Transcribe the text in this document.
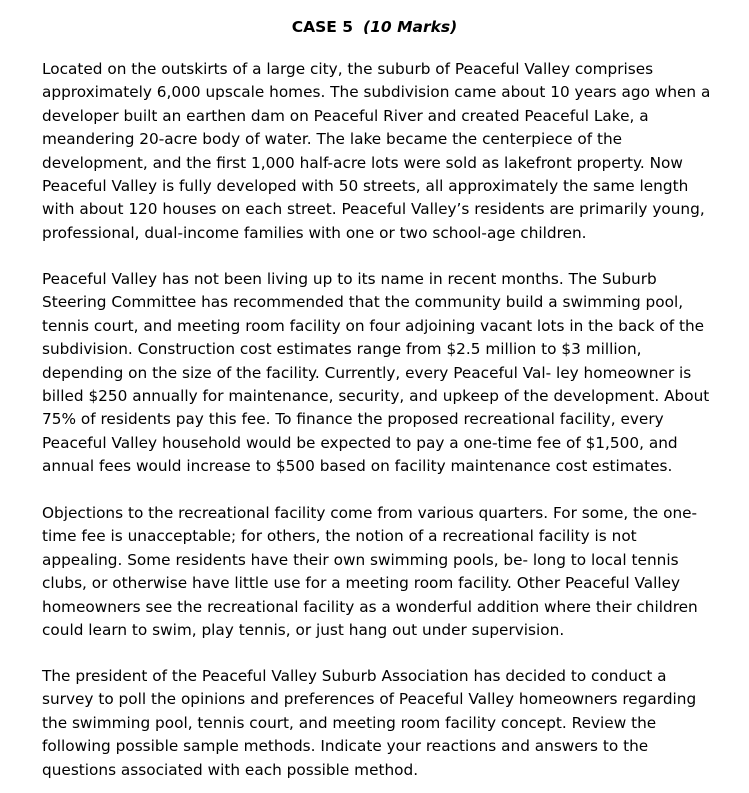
CASE 5 (10 Marks)

Located on the outskirts of a large city, the suburb of Peaceful Valley comprises
approximately 6,000 upscale homes. The subdivision came about 10 years ago when a
developer built an earthen dam on Peaceful River and created Peaceful Lake, a
meandering 20-acre body of water. The lake became the centerpiece of the
development, and the first 1,000 half-acre lots were sold as lakefront property. Now
Peaceful Valley is fully developed with 50 streets, all approximately the same length
with about 120 houses on each street. Peaceful Valley’s residents are primarily young,
professional, dual-income families with one or two school-age children.

Peaceful Valley has not been living up to its name in recent months. The Suburb
Steering Committee has recommended that the community build a swimming pool,
tennis court, and meeting room facility on four adjoining vacant lots in the back of the
subdivision. Construction cost estimates range from $2.5 million to $3 million,
depending on the size of the facility. Currently, every Peaceful Val- ley homeowner is
billed $250 annually for maintenance, security, and upkeep of the development. About
75% of residents pay this fee. To finance the proposed recreational facility, every
Peaceful Valley household would be expected to pay a one-time fee of $1,500, and
annual fees would increase to $500 based on facility maintenance cost estimates.

Objections to the recreational facility come from various quarters. For some, the one-
time fee is unacceptable; for others, the notion of a recreational facility is not
appealing. Some residents have their own swimming pools, be- long to local tennis
clubs, or otherwise have little use for a meeting room facility. Other Peaceful Valley
homeowners see the recreational facility as a wonderful addition where their children
could learn to swim, play tennis, or just hang out under supervision.

The president of the Peaceful Valley Suburb Association has decided to conduct a
survey to poll the opinions and preferences of Peaceful Valley homeowners regarding
the swimming pool, tennis court, and meeting room facility concept. Review the
following possible sample methods. Indicate your reactions and answers to the
questions associated with each possible method.
